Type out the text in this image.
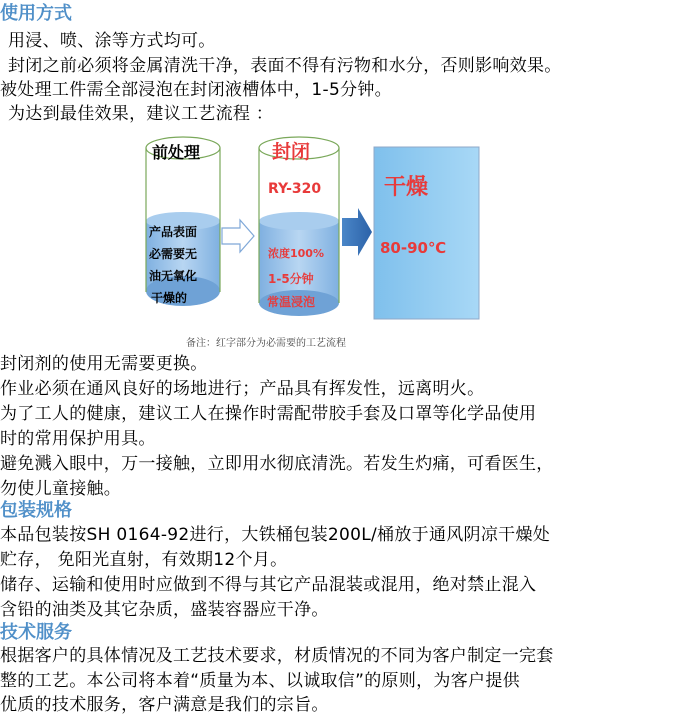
使用方式

用浸、喷、涂等方式均可。

封闭之前必须将金属清洗干净，表面不得有污物和水分，否则影响效果。

被处理工件需全部浸泡在封闭液槽体中，1-5分钟。

为达到最佳效果，建议工艺流程 ：

前处理
产品表面
必需要无
油无氧化
干燥的
封闭
RY-320
浓度100%
1-5分钟
常温浸泡
干燥
80-90℃
备注：红字部分为必需要的工艺流程

封闭剂的使用无需要更换。

作业必须在通风良好的场地进行；产品具有挥发性，远离明火。

为了工人的健康，建议工人在操作时需配带胶手套及口罩等化学品使用

时的常用保护用具。

避免溅入眼中，万一接触，立即用水彻底清洗。若发生灼痛，可看医生，

勿使儿童接触。

包装规格

本品包装按SH 0164-92进行，大铁桶包装200L/桶放于通风阴凉干燥处

贮存， 免阳光直射，有效期12个月。

储存、运输和使用时应做到不得与其它产品混装或混用，绝对禁止混入

含铅的油类及其它杂质，盛装容器应干净。

技术服务

根据客户的具体情况及工艺技术要求，材质情况的不同为客户制定一完套

整的工艺。本公司将本着“质量为本、以诚取信”的原则，为客户提供

优质的技术服务，客户满意是我们的宗旨。
